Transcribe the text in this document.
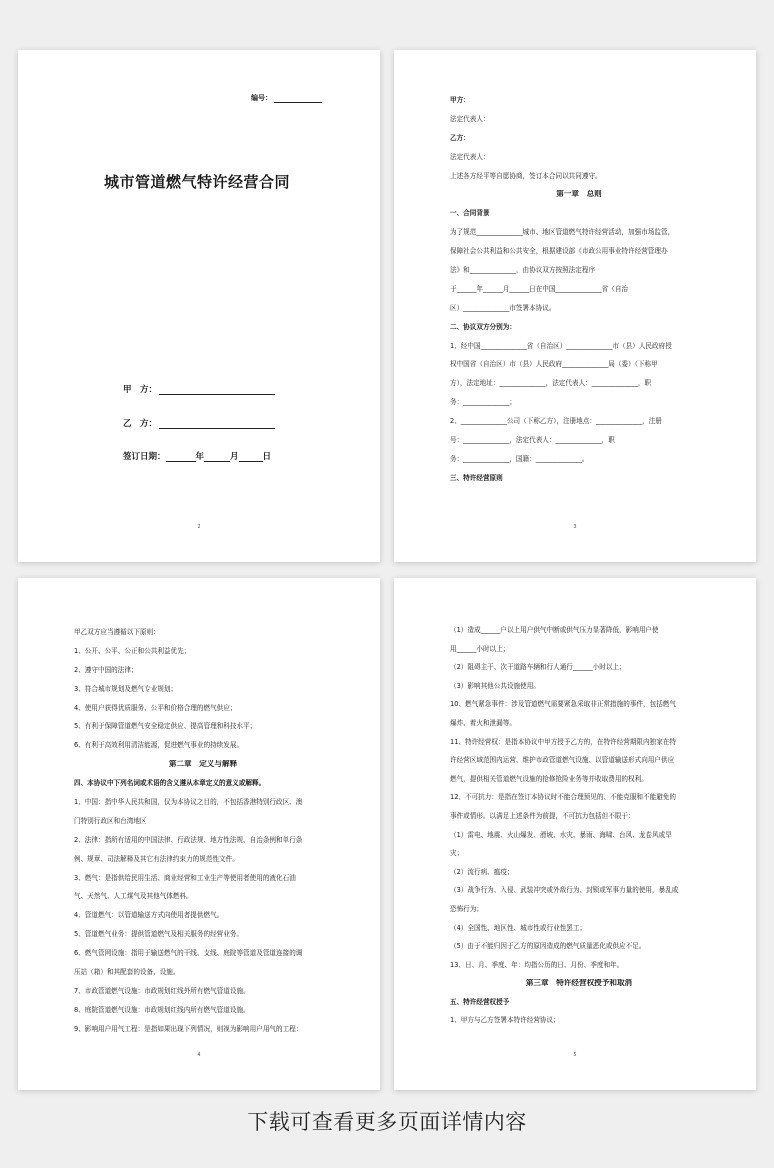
编号：
城市管道燃气特许经营合同
甲　方：
乙　方：
签订日期：	年	月	日
2
甲方：
法定代表人：
乙方：
法定代表人：
上述各方经平等自愿协商，签订本合同以共同遵守。
第一章　总则
一、合同背景
为了规范______________城市、地区管道燃气特许经营活动，加强市场监管，
保障社会公共利益和公共安全，根据建设部《市政公用事业特许经营管理办
法》和______________，由协议双方按照法定程序
于______年______月______日在中国______________省（自治
区）______________市签署本协议。
二、协议双方分别为：
1、经中国______________省（自治区）______________市（县）人民政府授
权中国省（自治区）市（县）人民政府______________局（委）（下称甲
方），法定地址：______________，法定代表人：______________，职
务：______________；
2、______________公司（下称乙方），注册地点：______________，注册
号：______________，法定代表人：______________，职
务：______________，国籍：______________。
三、特许经营原则
3
甲乙双方应当遵循以下原则：
1、公开、公平、公正和公共利益优先；
2、遵守中国的法律；
3、符合城市规划及燃气专业规划；
4、使用户获得优质服务、公平和价格合理的燃气供应；
5、有利于保障管道燃气安全稳定供应、提高管理和科技水平；
6、有利于高效利用清洁能源，促进燃气事业的持续发展。
第二章　定义与解释
四、本协议中下列名词或术语的含义遵从本章定义的意义或解释。
1、中国：指中华人民共和国，仅为本协议之目的，不包括香港特别行政区、澳
门特别行政区和台湾地区
2、法律：指所有适用的中国法律、行政法规、地方性法规、自治条例和单行条
例、规章、司法解释及其它有法律约束力的规范性文件。
3、燃气：是指供给民用生活、商业经营和工业生产等使用者使用的液化石油
气、天然气、人工煤气及其他气体燃料。
4、管道燃气：以管道输送方式向使用者提供燃气。
5、管道燃气业务：提供管道燃气及相关服务的经营业务。
6、燃气管网设施：指用于输送燃气的干线、支线、庭院等管道及管道连接的调
压站（箱）和其配套的设备、设施。
7、市政管道燃气设施：市政规划红线外所有燃气管道设施。
8、庭院管道燃气设施：市政规划红线内所有燃气管道设施。
9、影响用户用气工程：是指如果出现下列情况，则视为影响用户用气的工程：
4
（1）造成______户以上用户供气中断或供气压力显著降低，影响用户使
用______小时以上；
（2）阻碍主干、次干道路车辆和行人通行______小时以上；
（3）影响其他公共设施使用。
10、燃气紧急事件：涉及管道燃气需要紧急采取非正常措施的事件，包括燃气
爆炸、着火和泄漏等。
11、特许经营权：是指本协议中甲方授予乙方的，在特许经营期限内独家在特
许经营区域范围内运营、维护市政管道燃气设施、以管道输送形式向用户供应
燃气，提供相关管道燃气设施的抢修抢险业务等并收取费用的权利。
12、不可抗力：是指在签订本协议时不能合理预见的、不能克服和不能避免的
事件或情形。以满足上述条件为前提，不可抗力包括但不限于：
（1）雷电、地震、火山爆发、滑坡、水灾、暴雨、海啸、台风、龙卷风或旱
灾；
（2）流行病、瘟疫；
（3）战争行为、入侵、武装冲突或外敌行为、封锁或军事力量的使用，暴乱或
恐怖行为；
（4）全国性、地区性、城市性或行业性罢工；
（5）由于不能归因于乙方的原因造成的燃气质量恶化或供应不足。
13、日、月、季度、年：均指公历的日、月份、季度和年。
第三章　特许经营权授予和取消
五、特许经营权授予
1、甲方与乙方签署本特许经营协议；
5
下载可查看更多页面详情内容
